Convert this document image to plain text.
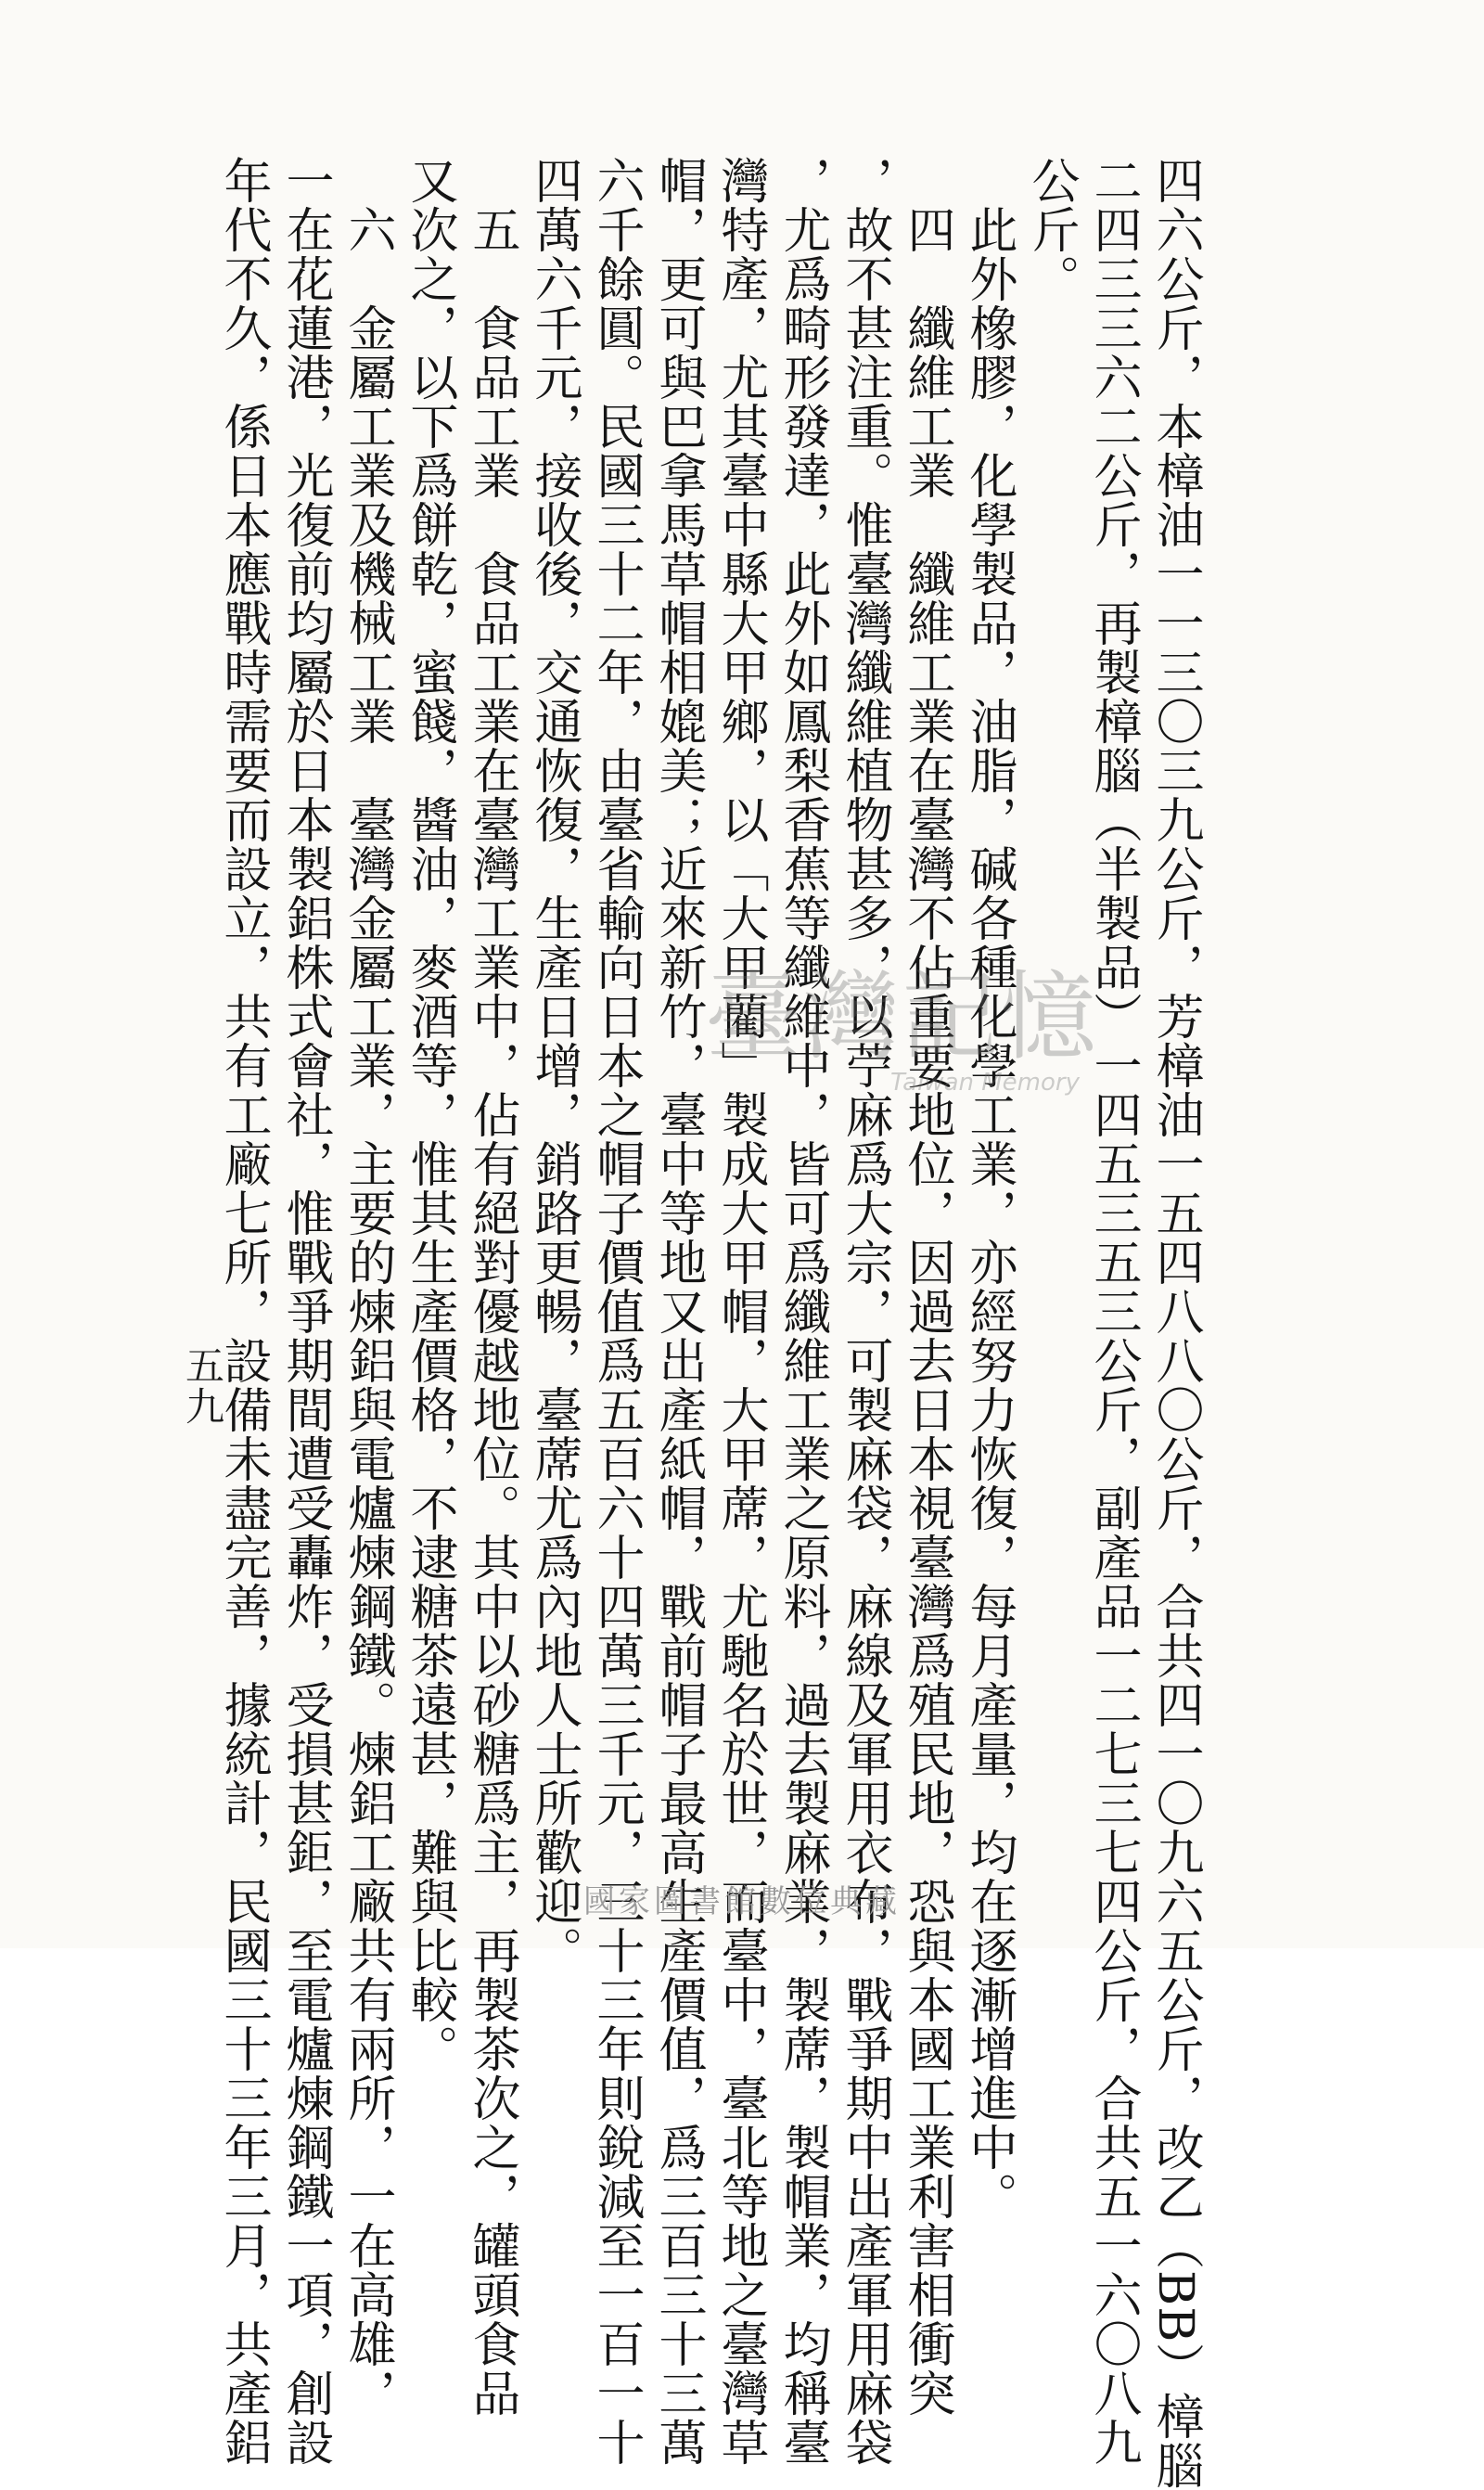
四六公斤，本樟油一一三〇三九公斤，芳樟油一五四八八〇公斤，合共四一〇九六五公斤，改乙（BB）樟腦
二四三三六二公斤，再製樟腦（半製品）一四五三五三公斤，副產品一二七三七四公斤，合共五一六〇八九
公斤。
　此外橡膠，化學製品，油脂，碱各種化學工業，亦經努力恢復，每月產量，均在逐漸增進中。
　四　纖維工業　纖維工業在臺灣不佔重要地位，因過去日本視臺灣爲殖民地，恐與本國工業利害相衝突
，故不甚注重。惟臺灣纖維植物甚多，以苧麻爲大宗，可製麻袋，麻線及軍用衣布，戰爭期中出產軍用麻袋
，尤爲畸形發達，此外如鳳梨香蕉等纖維中，皆可爲纖維工業之原料，過去製麻業，製蓆，製帽業，均稱臺
灣特產，尤其臺中縣大甲鄉，以「大甲藺」製成大甲帽，大甲蓆，尤馳名於世，而臺中，臺北等地之臺灣草
帽，更可與巴拿馬草帽相媲美；近來新竹，臺中等地又出產紙帽，戰前帽子最高生產價值，爲三百三十三萬
六千餘圓。民國三十二年，由臺省輸向日本之帽子價值爲五百六十四萬三千元，三十三年則銳減至一百一十
四萬六千元，接收後，交通恢復，生產日增，銷路更暢，臺蓆尤爲內地人士所歡迎。
　五　食品工業　食品工業在臺灣工業中，佔有絕對優越地位。其中以砂糖爲主，再製茶次之，罐頭食品
又次之，以下爲餅乾，蜜餞，醬油，麥酒等，惟其生產價格，不逮糖茶遠甚，難與比較。
　六　金屬工業及機械工業　臺灣金屬工業，主要的煉鋁與電爐煉鋼鐵。煉鋁工廠共有兩所，一在高雄，
一在花蓮港，光復前均屬於日本製鋁株式會社，惟戰爭期間遭受轟炸，受損甚鉅，至電爐煉鋼鐵一項，創設
年代不久，係日本應戰時需要而設立，共有工廠七所，設備未盡完善，據統計，民國三十三年三月，共產鋁
五九
臺灣記憶
Taiwan Memory
國家圖書館數位典藏
